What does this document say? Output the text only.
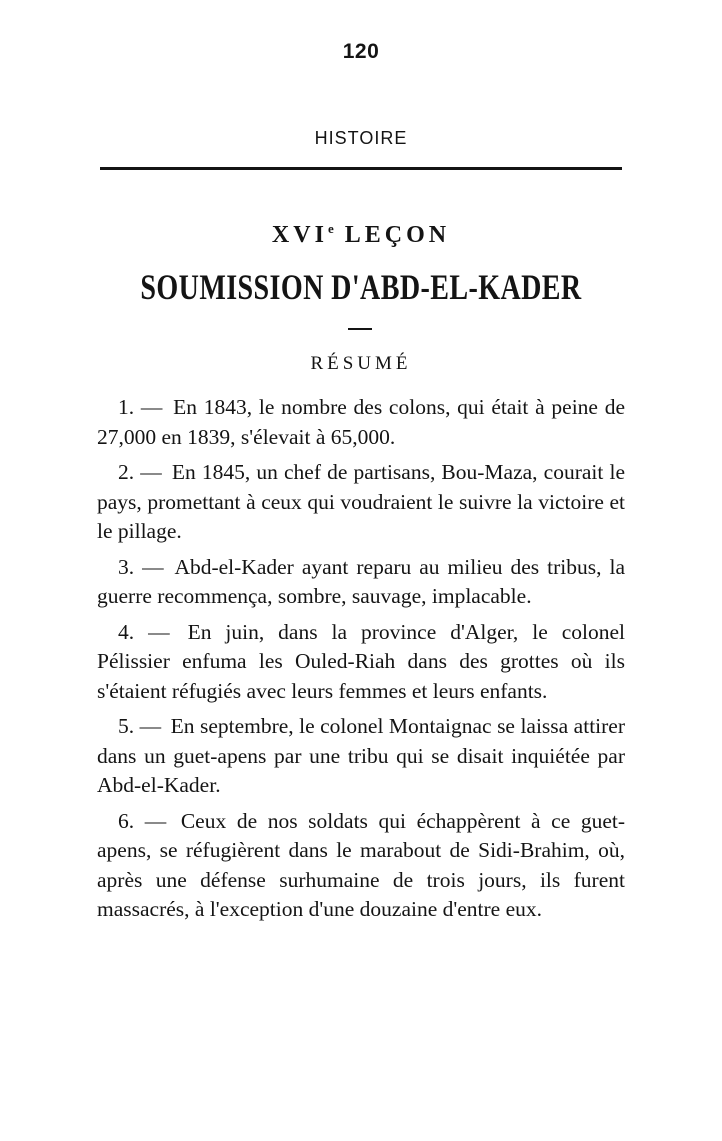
120
HISTOIRE
XVIe LEÇON
SOUMISSION D'ABD-EL-KADER
RÉSUMÉ
1. — En 1843, le nombre des colons, qui était à peine de 27,000 en 1839, s'élevait à 65,000.
2. — En 1845, un chef de partisans, Bou-Maza, courait le pays, promettant à ceux qui voudraient le suivre la victoire et le pillage.
3. — Abd-el-Kader ayant reparu au milieu des tribus, la guerre recommença, sombre, sauvage, implacable.
4. — En juin, dans la province d'Alger, le colonel Pélissier enfuma les Ouled-Riah dans des grottes où ils s'étaient réfugiés avec leurs femmes et leurs enfants.
5. — En septembre, le colonel Montaignac se laissa attirer dans un guet-apens par une tribu qui se disait inquiétée par Abd-el-Kader.
6. — Ceux de nos soldats qui échappèrent à ce guet-apens, se réfugièrent dans le marabout de Sidi-Brahim, où, après une défense surhumaine de trois jours, ils furent massacrés, à l'exception d'une douzaine d'entre eux.
